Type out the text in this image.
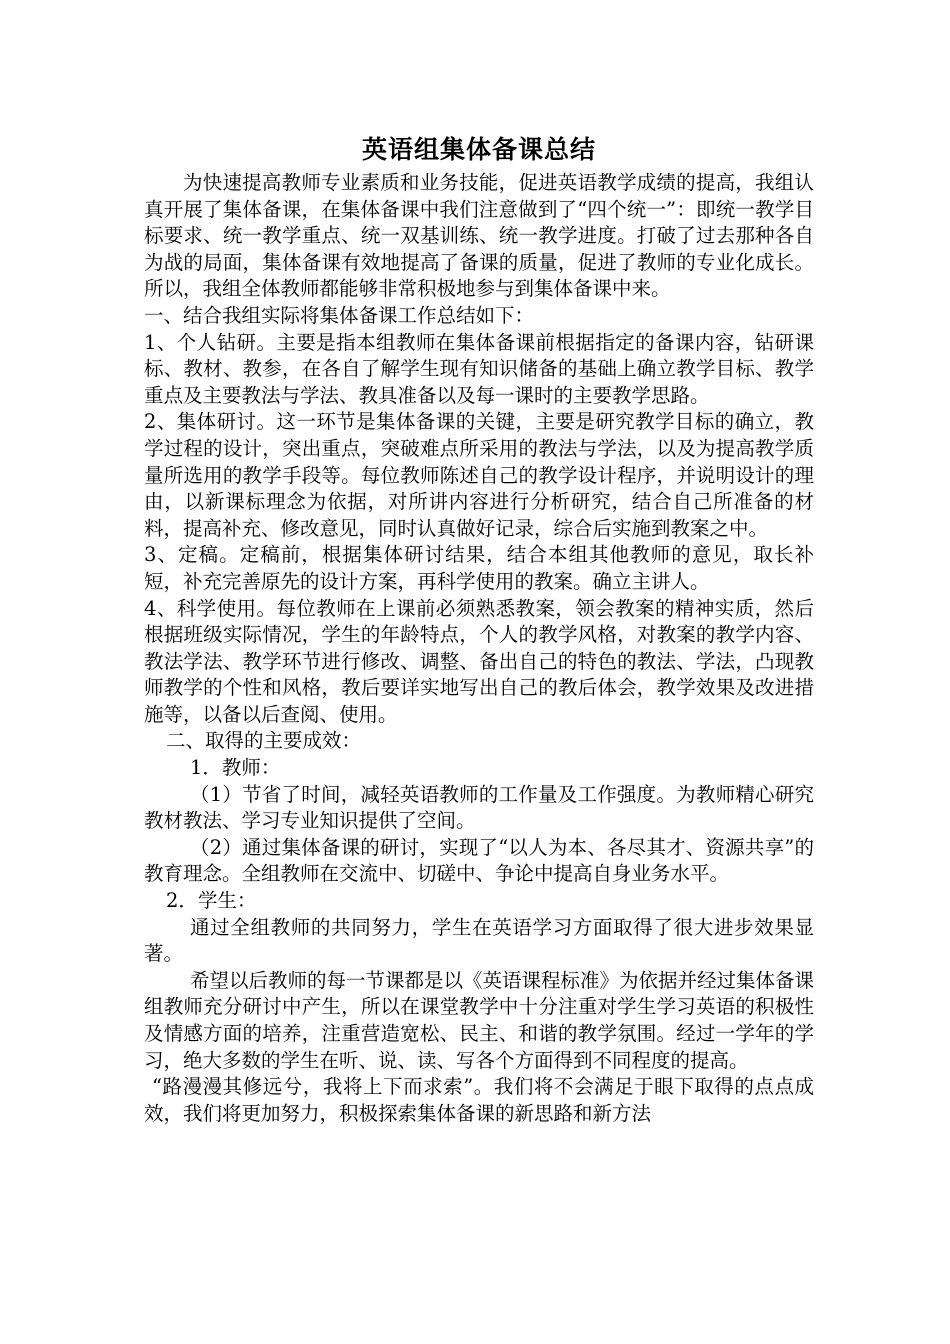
英语组集体备课总结

为快速提高教师专业素质和业务技能，促进英语教学成绩的提高，我组认真开展了集体备课，在集体备课中我们注意做到了“四个统一”：即统一教学目标要求、统一教学重点、统一双基训练、统一教学进度。打破了过去那种各自为战的局面，集体备课有效地提高了备课的质量，促进了教师的专业化成长。所以，我组全体教师都能够非常积极地参与到集体备课中来。

一、结合我组实际将集体备课工作总结如下：

1、个人钻研。主要是指本组教师在集体备课前根据指定的备课内容，钻研课标、教材、教参，在各自了解学生现有知识储备的基础上确立教学目标、教学重点及主要教法与学法、教具准备以及每一课时的主要教学思路。

2、集体研讨。这一环节是集体备课的关键，主要是研究教学目标的确立，教学过程的设计，突出重点，突破难点所采用的教法与学法，以及为提高教学质量所选用的教学手段等。每位教师陈述自己的教学设计程序，并说明设计的理由，以新课标理念为依据，对所讲内容进行分析研究，结合自己所准备的材料，提高补充、修改意见，同时认真做好记录，综合后实施到教案之中。

3、定稿。定稿前，根据集体研讨结果，结合本组其他教师的意见，取长补短，补充完善原先的设计方案，再科学使用的教案。确立主讲人。

4、科学使用。每位教师在上课前必须熟悉教案，领会教案的精神实质，然后根据班级实际情况，学生的年龄特点，个人的教学风格，对教案的教学内容、教法学法、教学环节进行修改、调整、备出自己的特色的教法、学法，凸现教师教学的个性和风格，教后要详实地写出自己的教后体会，教学效果及改进措施等，以备以后查阅、使用。

二、取得的主要成效：

1．教师：

（1）节省了时间，减轻英语教师的工作量及工作强度。为教师精心研究教材教法、学习专业知识提供了空间。

（2）通过集体备课的研讨，实现了“以人为本、各尽其才、资源共享”的教育理念。全组教师在交流中、切磋中、争论中提高自身业务水平。

2．学生：

通过全组教师的共同努力，学生在英语学习方面取得了很大进步效果显著。

希望以后教师的每一节课都是以《英语课程标准》为依据并经过集体备课组教师充分研讨中产生，所以在课堂教学中十分注重对学生学习英语的积极性及情感方面的培养，注重营造宽松、民主、和谐的教学氛围。经过一学年的学习，绝大多数的学生在听、说、读、写各个方面得到不同程度的提高。

“路漫漫其修远兮，我将上下而求索”。我们将不会满足于眼下取得的点点成效，我们将更加努力，积极探索集体备课的新思路和新方法
